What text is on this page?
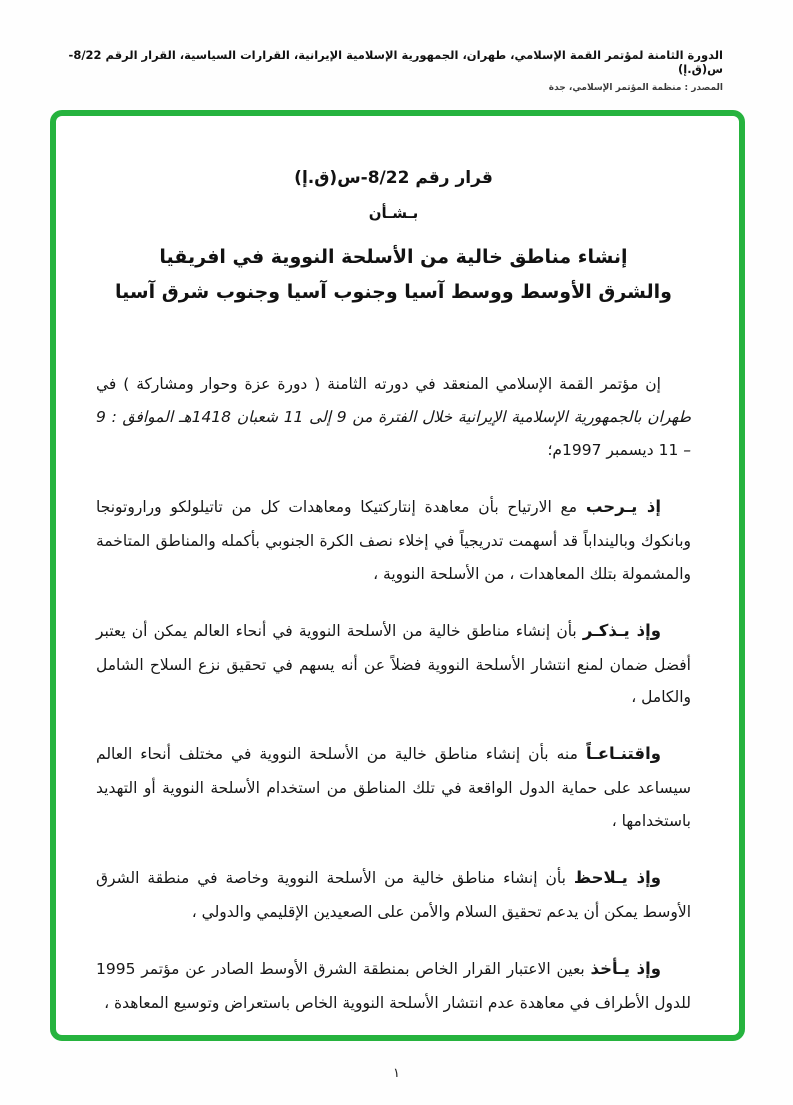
الدورة الثامنة لمؤتمر القمة الإسلامي، طهران، الجمهورية الإسلامية الإيرانية، القرارات السياسية، القرار الرقم 8/22-س(ق.إ)
المصدر : منظمة المؤتمر الإسلامي، جدة
قرار رقم 8/22-س(ق.إ)
بـشـأن
إنشاء مناطق خالية من الأسلحة النووية في افريقيا
والشرق الأوسط ووسط آسيا وجنوب آسيا وجنوب شرق آسيا

إن مؤتمر القمة الإسلامي المنعقد في دورته الثامنة ( دورة عزة وحوار ومشاركة ) في طهران بالجمهورية الإسلامية الإيرانية خلال الفترة من 9 إلى 11 شعبان 1418هـ الموافق : 9 – 11 ديسمبر 1997م؛

إذ يـرحب مع الارتياح بأن معاهدة إنتاركتيكا ومعاهدات كل من تاتيلولكو وراروتونجا وبانكوك وبالينداباً قد أسهمت تدريجياً في إخلاء نصف الكرة الجنوبي بأكمله والمناطق المتاخمة والمشمولة بتلك المعاهدات ، من الأسلحة النووية ،

وإذ يـذكـر بأن إنشاء مناطق خالية من الأسلحة النووية في أنحاء العالم يمكن أن يعتبر أفضل ضمان لمنع انتشار الأسلحة النووية فضلاً عن أنه يسهم في تحقيق نزع السلاح الشامل والكامل ،

واقتنـاعـاً منه بأن إنشاء مناطق خالية من الأسلحة النووية في مختلف أنحاء العالم سيساعد على حماية الدول الواقعة في تلك المناطق من استخدام الأسلحة النووية أو التهديد باستخدامها ،

وإذ يـلاحظ بأن إنشاء مناطق خالية من الأسلحة النووية وخاصة في منطقة الشرق الأوسط يمكن أن يدعم تحقيق السلام والأمن على الصعيدين الإقليمي والدولي ،

وإذ يـأخذ بعين الاعتبار القرار الخاص بمنطقة الشرق الأوسط الصادر عن مؤتمر 1995 للدول الأطراف في معاهدة عدم انتشار الأسلحة النووية الخاص باستعراض وتوسيع المعاهدة ،

١
